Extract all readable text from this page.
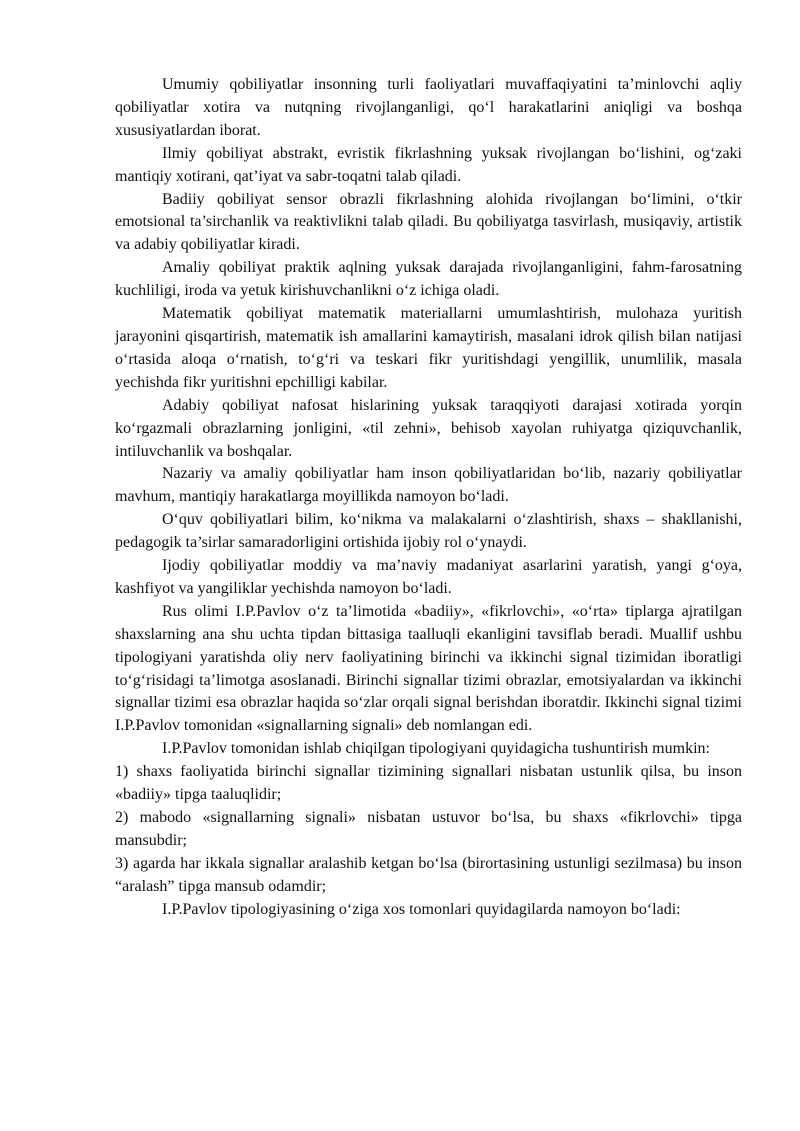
Umumiy qobiliyatlar insonning turli faoliyatlari muvaffaqiyatini ta’minlovchi aqliy qobiliyatlar xotira va nutqning rivojlanganligi, qo‘l harakatlarini aniqligi va boshqa xususiyatlardan iborat.

Ilmiy qobiliyat abstrakt, evristik fikrlashning yuksak rivojlangan bo‘lishini, og‘zaki mantiqiy xotirani, qat’iyat va sabr-toqatni talab qiladi.

Badiiy qobiliyat sensor obrazli fikrlashning alohida rivojlangan bo‘limini, o‘tkir emotsional ta’sirchanlik va reaktivlikni talab qiladi. Bu qobiliyatga tasvirlash, musiqaviy, artistik va adabiy qobiliyatlar kiradi.

Amaliy qobiliyat praktik aqlning yuksak darajada rivojlanganligini, fahm-farosatning kuchliligi, iroda va yetuk kirishuvchanlikni o‘z ichiga oladi.

Matematik qobiliyat matematik materiallarni umumlashtirish, mulohaza yuritish jarayonini qisqartirish, matematik ish amallarini kamaytirish, masalani idrok qilish bilan natijasi o‘rtasida aloqa o‘rnatish, to‘g‘ri va teskari fikr yuritishdagi yengillik, unumlilik, masala yechishda fikr yuritishni epchilligi kabilar.

Adabiy qobiliyat nafosat hislarining yuksak taraqqiyoti darajasi xotirada yorqin ko‘rgazmali obrazlarning jonligini, «til zehni», behisob xayolan ruhiyatga qiziquvchanlik, intiluvchanlik va boshqalar.

Nazariy va amaliy qobiliyatlar ham inson qobiliyatlaridan bo‘lib, nazariy qobiliyatlar mavhum, mantiqiy harakatlarga moyillikda namoyon bo‘ladi.

O‘quv qobiliyatlari bilim, ko‘nikma va malakalarni o‘zlashtirish, shaxs – shakllanishi, pedagogik ta’sirlar samaradorligini ortishida ijobiy rol o‘ynaydi.

Ijodiy qobiliyatlar moddiy va ma’naviy madaniyat asarlarini yaratish, yangi g‘oya, kashfiyot va yangiliklar yechishda namoyon bo‘ladi.

Rus olimi I.P.Pavlov o‘z ta’limotida «badiiy», «fikrlovchi», «o‘rta» tiplarga ajratilgan shaxslarning ana shu uchta tipdan bittasiga taalluqli ekanligini tavsiflab beradi. Muallif ushbu tipologiyani yaratishda oliy nerv faoliyatining birinchi va ikkinchi signal tizimidan iboratligi to‘g‘risidagi ta’limotga asoslanadi. Birinchi signallar tizimi obrazlar, emotsiyalardan va ikkinchi signallar tizimi esa obrazlar haqida so‘zlar orqali signal berishdan iboratdir. Ikkinchi signal tizimi I.P.Pavlov tomonidan «signallarning signali» deb nomlangan edi.

I.P.Pavlov tomonidan ishlab chiqilgan tipologiyani quyidagicha tushuntirish mumkin:

1) shaxs faoliyatida birinchi signallar tizimining signallari nisbatan ustunlik qilsa, bu inson «badiiy» tipga taaluqlidir;

2) mabodo «signallarning signali» nisbatan ustuvor bo‘lsa, bu shaxs «fikrlovchi» tipga mansubdir;

3) agarda har ikkala signallar aralashib ketgan bo‘lsa (birortasining ustunligi sezilmasa) bu inson “aralash” tipga mansub odamdir;

I.P.Pavlov tipologiyasining o‘ziga xos tomonlari quyidagilarda namoyon bo‘ladi:
